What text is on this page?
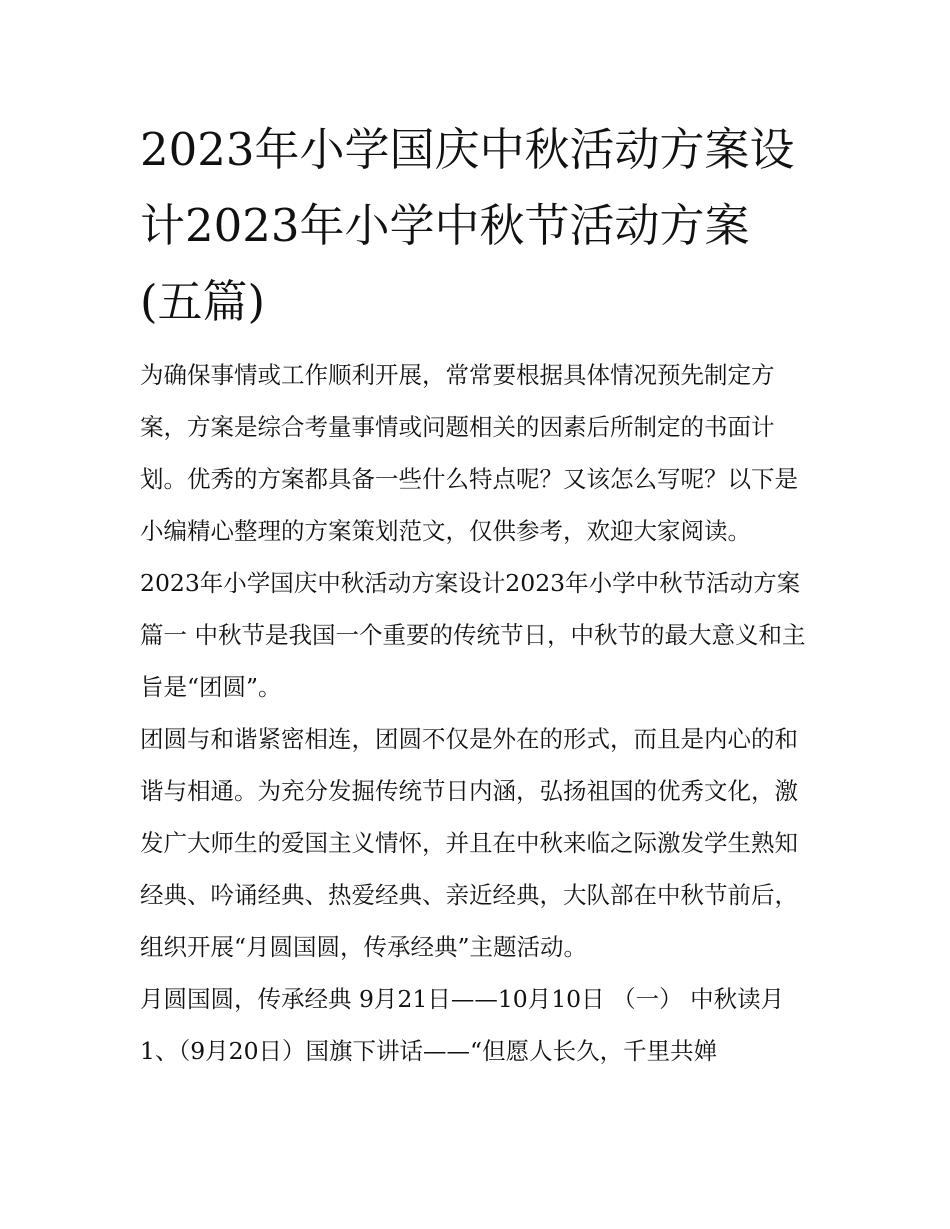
2023年小学国庆中秋活动方案设计2023年小学中秋节活动方案(五篇)

为确保事情或工作顺利开展，常常要根据具体情况预先制定方案，方案是综合考量事情或问题相关的因素后所制定的书面计划。优秀的方案都具备一些什么特点呢？又该怎么写呢？以下是小编精心整理的方案策划范文，仅供参考，欢迎大家阅读。

2023年小学国庆中秋活动方案设计2023年小学中秋节活动方案篇一 中秋节是我国一个重要的传统节日，中秋节的最大意义和主旨是“团圆”。

团圆与和谐紧密相连，团圆不仅是外在的形式，而且是内心的和谐与相通。为充分发掘传统节日内涵，弘扬祖国的优秀文化，激发广大师生的爱国主义情怀，并且在中秋来临之际激发学生熟知经典、吟诵经典、热爱经典、亲近经典，大队部在中秋节前后，组织开展“月圆国圆，传承经典”主题活动。

月圆国圆，传承经典 9月21日——10月10日 （一） 中秋读月

1、（9月20日）国旗下讲话——“但愿人长久，千里共婵
